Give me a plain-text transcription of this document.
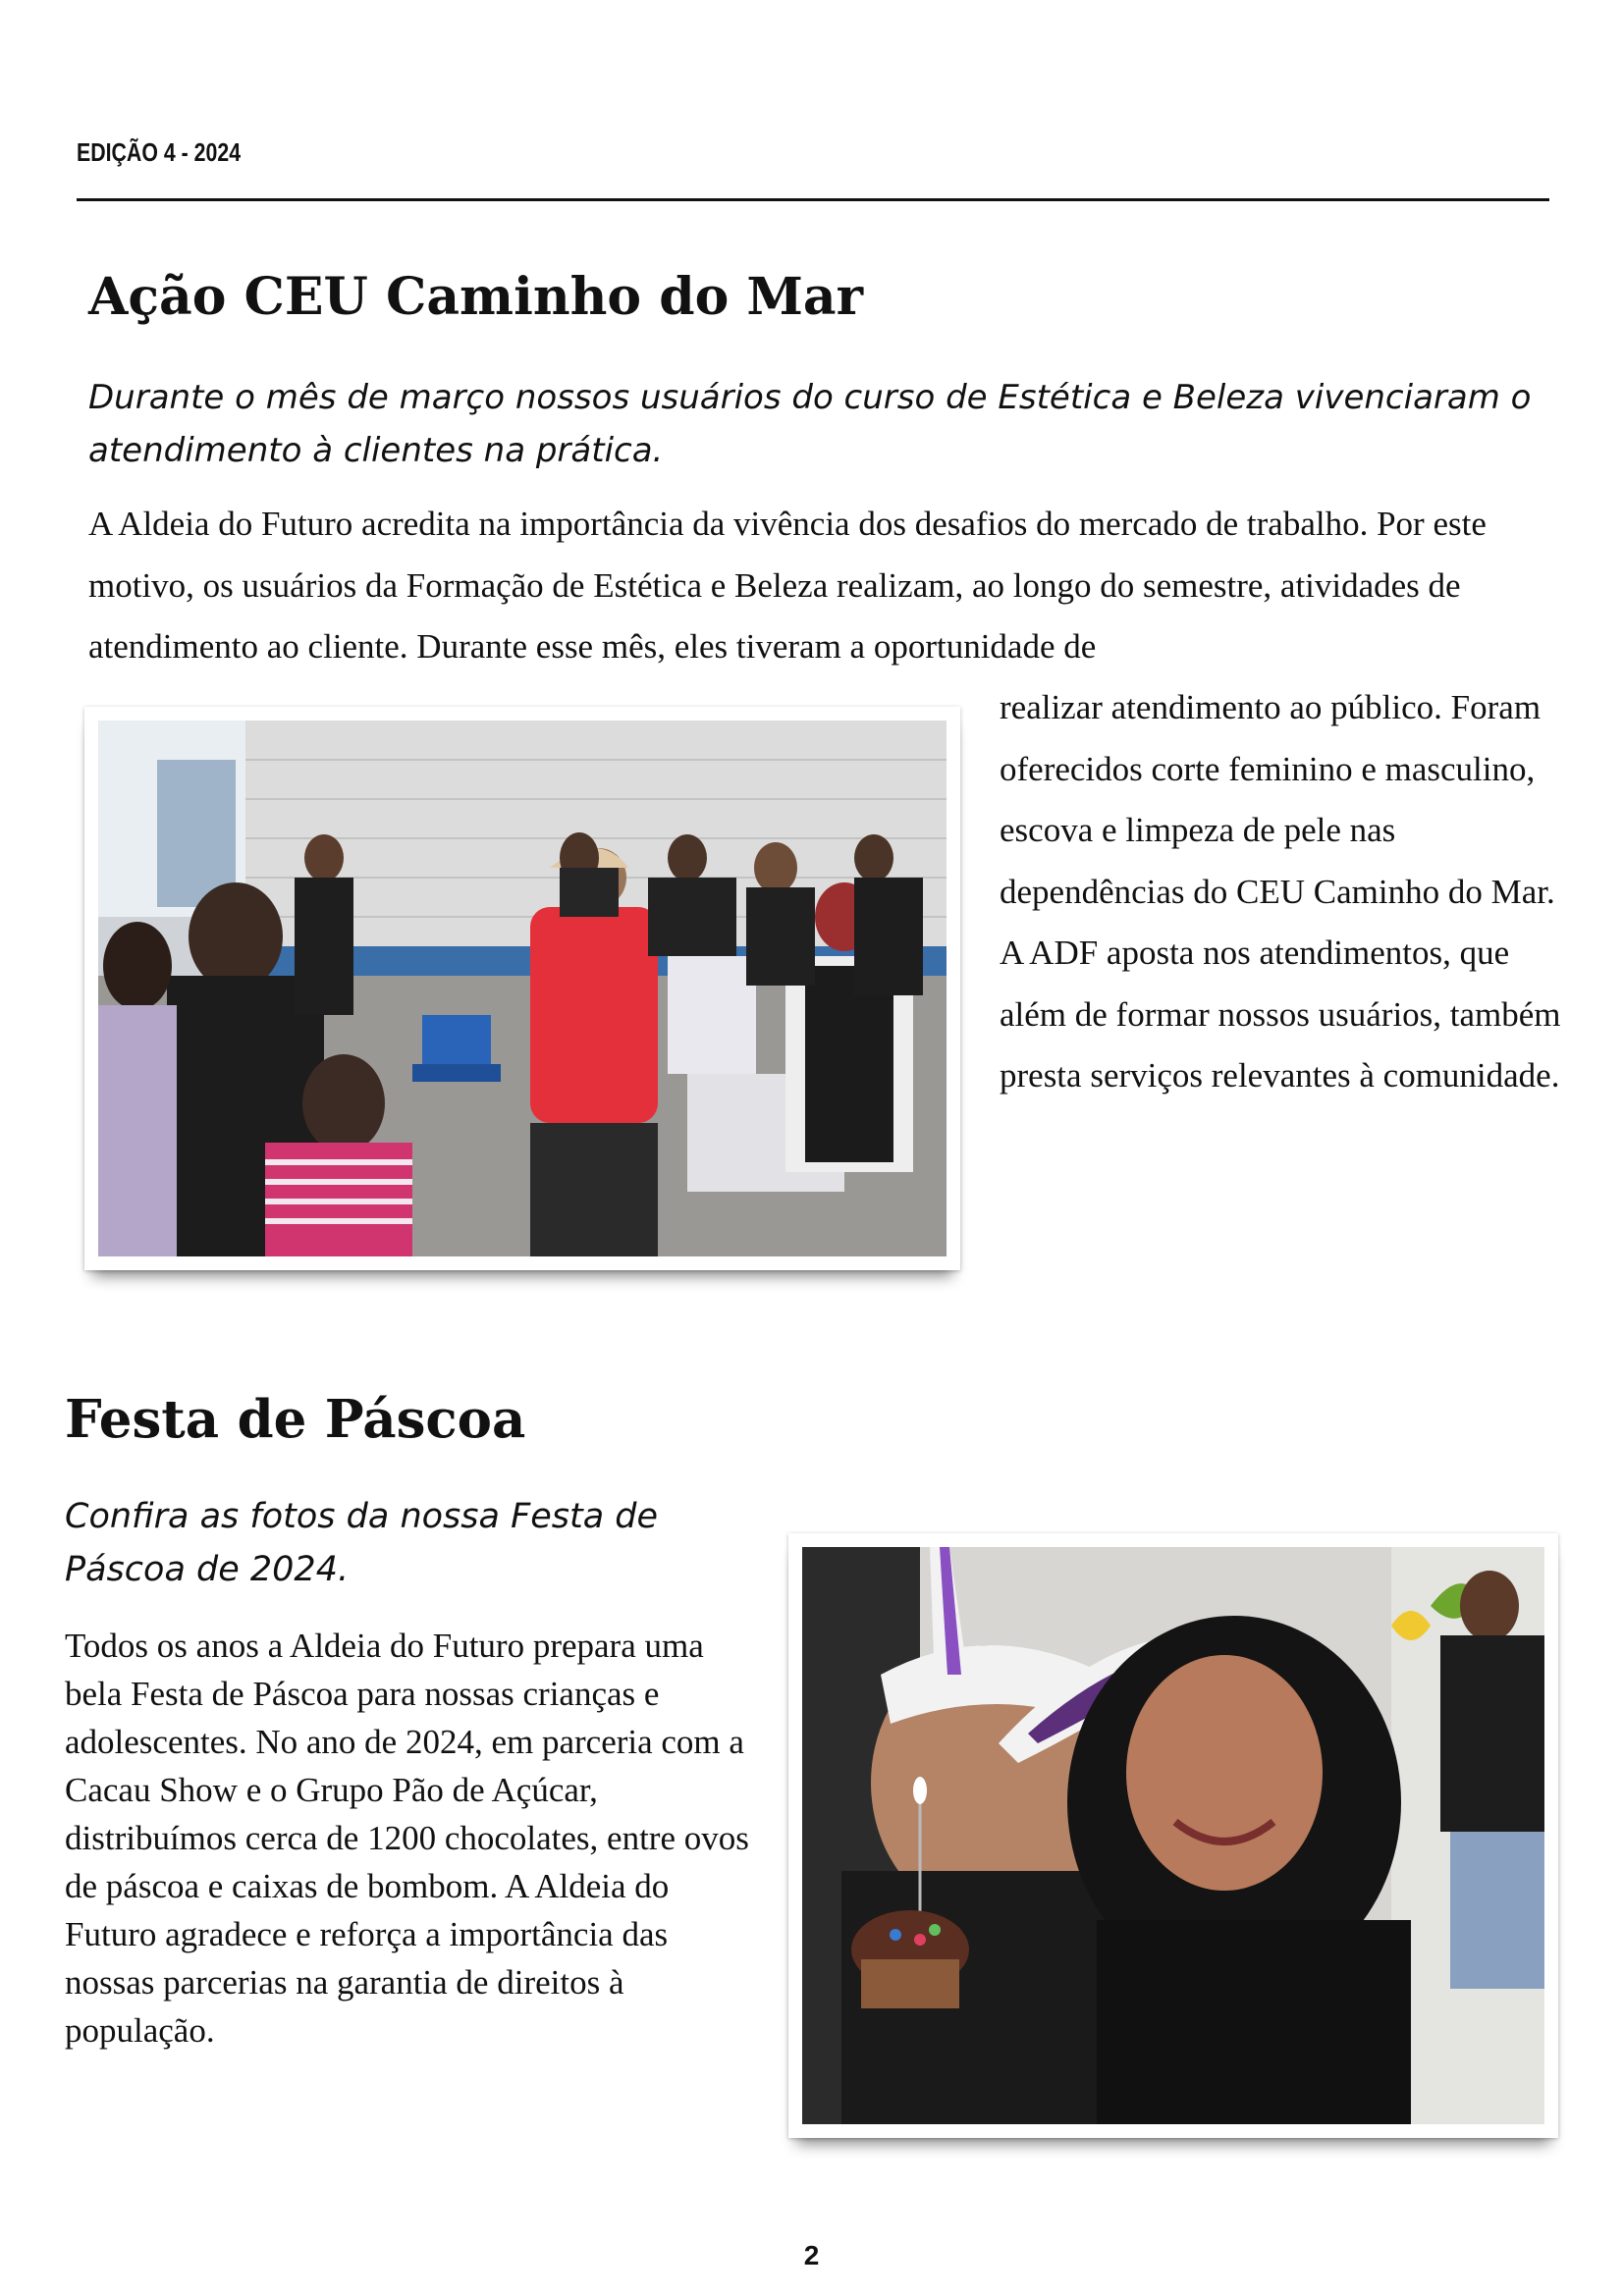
EDIÇÃO 4 - 2024
Ação CEU Caminho do Mar

Durante o mês de março nossos usuários do curso de Estética e Beleza vivenciaram o atendimento à clientes na prática.

A Aldeia do Futuro acredita na importância da vivência dos desafios do mercado de trabalho. Por este motivo, os usuários da Formação de Estética e Beleza realizam, ao longo do semestre, atividades de atendimento ao cliente. Durante esse mês, eles tiveram a oportunidade de

realizar atendimento ao público. Foram oferecidos corte feminino e masculino, escova e limpeza de pele nas dependências do CEU Caminho do Mar. A ADF aposta nos atendimentos, que além de formar nossos usuários, também presta serviços relevantes à comunidade.

Festa de Páscoa

Confira as fotos da nossa Festa de Páscoa de 2024.

Todos os anos a Aldeia do Futuro prepara uma bela Festa de Páscoa para nossas crianças e adolescentes. No ano de 2024, em parceria com a Cacau Show e o Grupo Pão de Açúcar, distribuímos cerca de 1200 chocolates, entre ovos de páscoa e caixas de bombom. A Aldeia do Futuro agradece e reforça a importância das nossas parcerias na garantia de direitos à população.

2
